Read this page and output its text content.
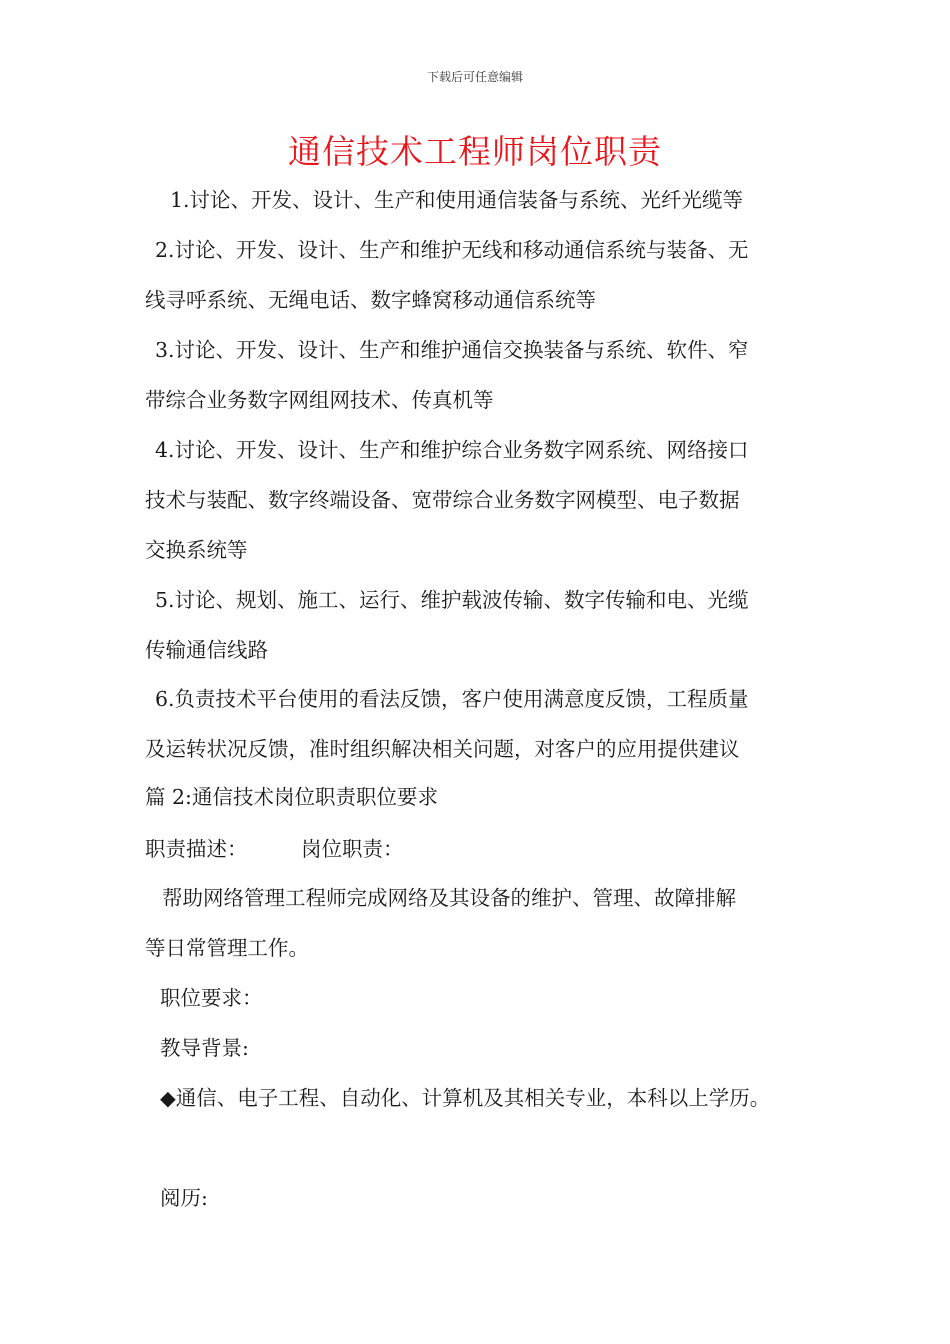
下载后可任意编辑
通信技术工程师岗位职责
1.讨论、开发、设计、生产和使用通信装备与系统、光纤光缆等
2.讨论、开发、设计、生产和维护无线和移动通信系统与装备、无
线寻呼系统、无绳电话、数字蜂窝移动通信系统等
3.讨论、开发、设计、生产和维护通信交换装备与系统、软件、窄
带综合业务数字网组网技术、传真机等
4.讨论、开发、设计、生产和维护综合业务数字网系统、网络接口
技术与装配、数字终端设备、宽带综合业务数字网模型、电子数据
交换系统等
5.讨论、规划、施工、运行、维护载波传输、数字传输和电、光缆
传输通信线路
6.负责技术平台使用的看法反馈，客户使用满意度反馈，工程质量
及运转状况反馈，准时组织解决相关问题，对客户的应用提供建议
篇 2:通信技术岗位职责职位要求
职责描述：	岗位职责：
帮助网络管理工程师完成网络及其设备的维护、管理、故障排解
等日常管理工作。
职位要求：
教导背景:
◆通信、电子工程、自动化、计算机及其相关专业，本科以上学历。
阅历:
